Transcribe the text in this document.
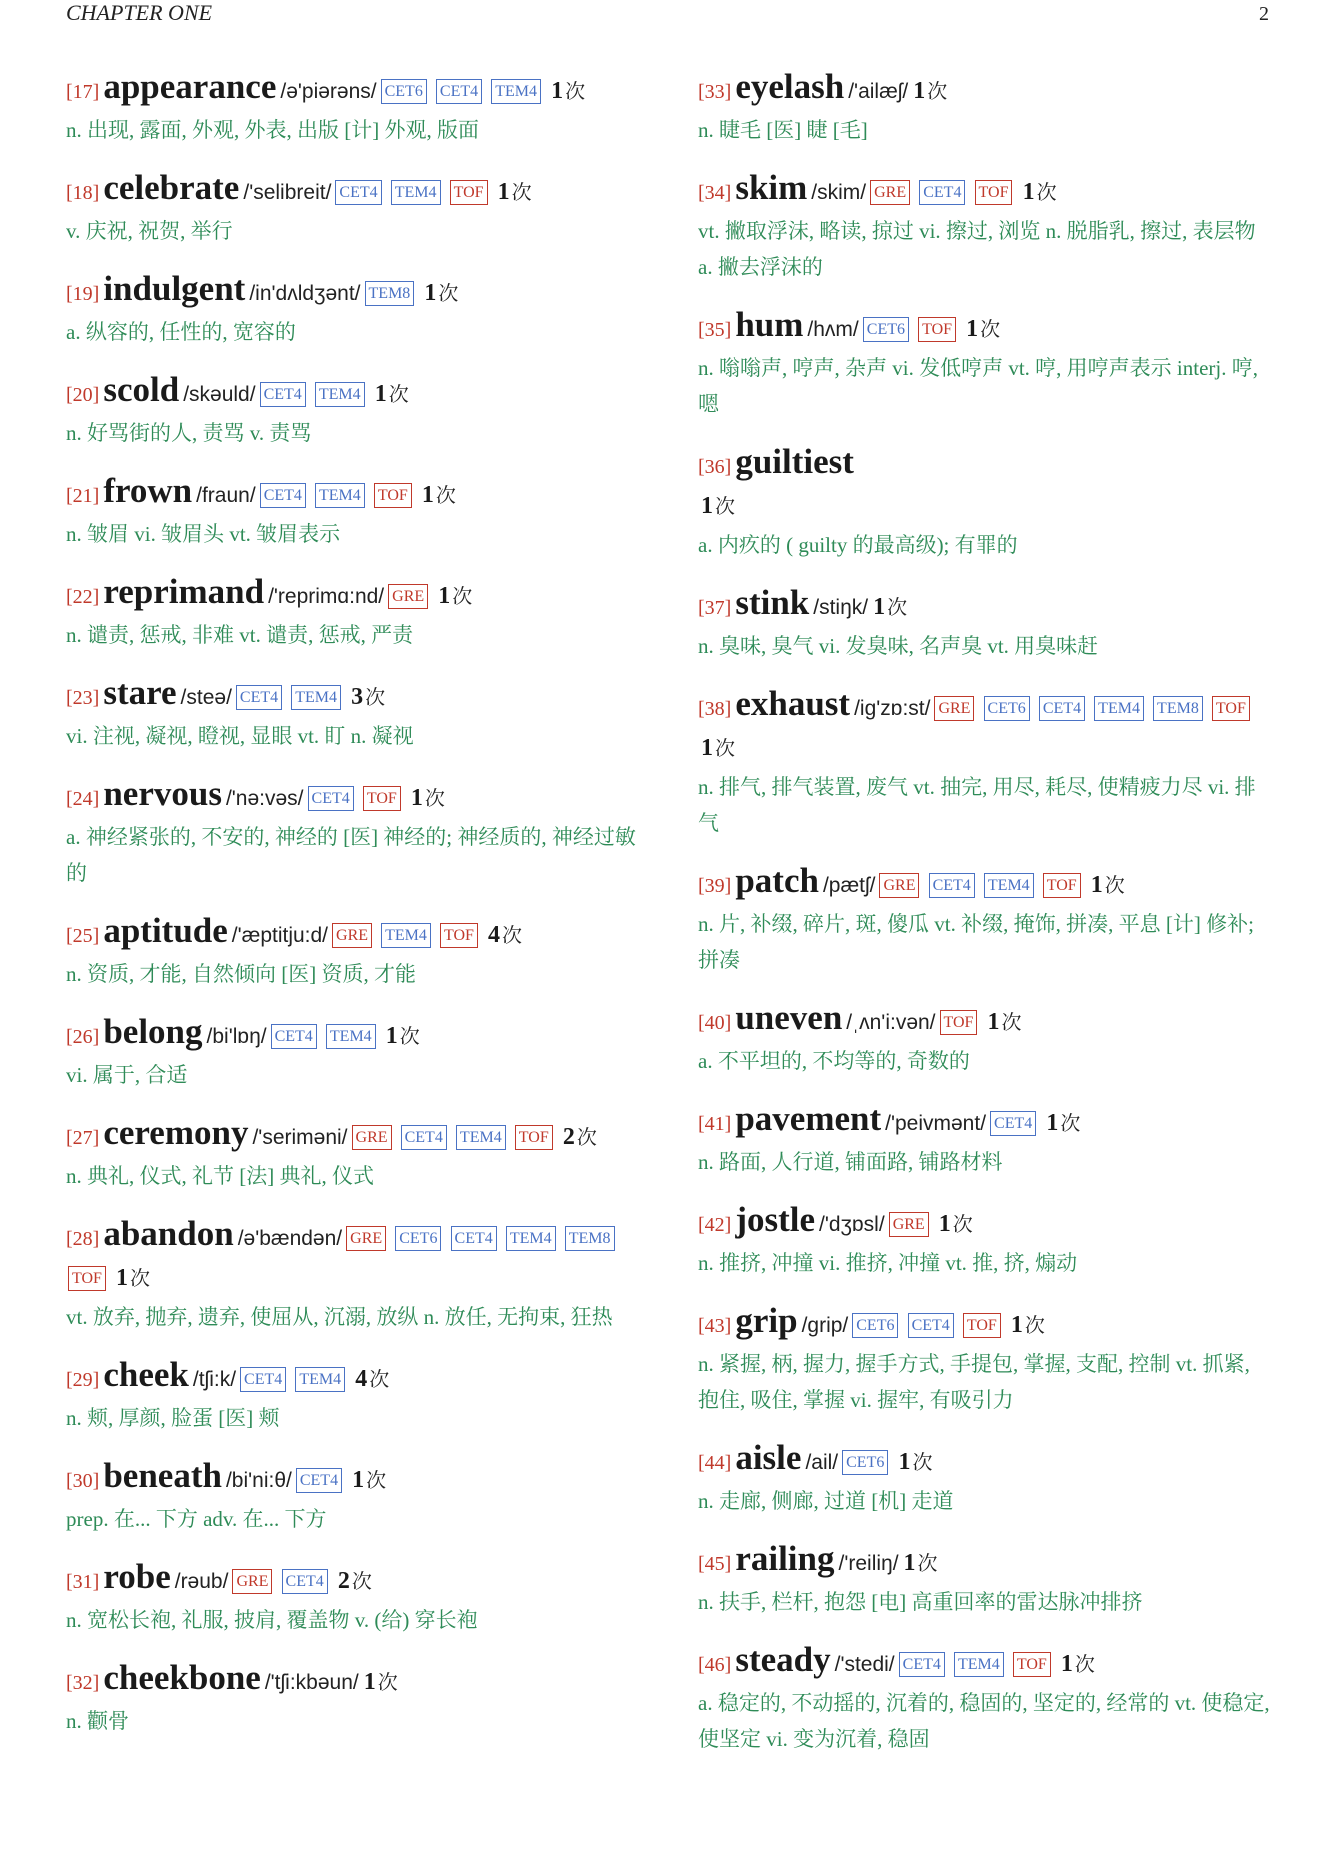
CHAPTER ONE	2
[17] appearance /ə'piərəns/ CET6 CET4 TEM4 1 次
n. 出现, 露面, 外观, 外表, 出版 [计] 外观, 版面
[18] celebrate /'selibreit/ CET4 TEM4 TOF 1 次
v. 庆祝, 祝贺, 举行
[19] indulgent /in'dʌldʒənt/ TEM8 1 次
a. 纵容的, 任性的, 宽容的
[20] scold /skəuld/ CET4 TEM4 1 次
n. 好骂街的人, 责骂 v. 责骂
[21] frown /fraun/ CET4 TEM4 TOF 1 次
n. 皱眉 vi. 皱眉头 vt. 皱眉表示
[22] reprimand /'reprimɑ:nd/ GRE 1 次
n. 谴责, 惩戒, 非难 vt. 谴责, 惩戒, 严责
[23] stare /steə/ CET4 TEM4 3 次
vi. 注视, 凝视, 瞪视, 显眼 vt. 盯 n. 凝视
[24] nervous /'nə:vəs/ CET4 TOF 1 次
a. 神经紧张的, 不安的, 神经的 [医] 神经的; 神经质的, 神经过敏的
[25] aptitude /'æptitju:d/ GRE TEM4 TOF 4 次
n. 资质, 才能, 自然倾向 [医] 资质, 才能
[26] belong /bi'lɒŋ/ CET4 TEM4 1 次
vi. 属于, 合适
[27] ceremony /'seriməni/ GRE CET4 TEM4 TOF 2 次
n. 典礼, 仪式, 礼节 [法] 典礼, 仪式
[28] abandon /ə'bændən/ GRE CET6 CET4 TEM4 TEM8 TOF 1 次
vt. 放弃, 抛弃, 遗弃, 使屈从, 沉溺, 放纵 n. 放任, 无拘束, 狂热
[29] cheek /tʃi:k/ CET4 TEM4 4 次
n. 颊, 厚颜, 脸蛋 [医] 颊
[30] beneath /bi'ni:θ/ CET4 1 次
prep. 在... 下方 adv. 在... 下方
[31] robe /rəub/ GRE CET4 2 次
n. 宽松长袍, 礼服, 披肩, 覆盖物 v. (给) 穿长袍
[32] cheekbone /'tʃi:kbəun/ 1 次
n. 颧骨
[33] eyelash /'ailæʃ/ 1 次
n. 睫毛 [医] 睫 [毛]
[34] skim /skim/ GRE CET4 TOF 1 次
vt. 撇取浮沫, 略读, 掠过 vi. 擦过, 浏览 n. 脱脂乳, 擦过, 表层物 a. 撇去浮沫的
[35] hum /hʌm/ CET6 TOF 1 次
n. 嗡嗡声, 哼声, 杂声 vi. 发低哼声 vt. 哼, 用哼声表示 interj. 哼, 嗯
[36] guiltiest
1 次
a. 内疚的 ( guilty 的最高级); 有罪的
[37] stink /stiŋk/ 1 次
n. 臭味, 臭气 vi. 发臭味, 名声臭 vt. 用臭味赶
[38] exhaust /ig'zɒ:st/ GRE CET6 CET4 TEM4 TEM8 TOF 1 次
n. 排气, 排气装置, 废气 vt. 抽完, 用尽, 耗尽, 使精疲力尽 vi. 排气
[39] patch /pætʃ/ GRE CET4 TEM4 TOF 1 次
n. 片, 补缀, 碎片, 斑, 傻瓜 vt. 补缀, 掩饰, 拼凑, 平息 [计] 修补; 拼凑
[40] uneven /ˌʌn'i:vən/ TOF 1 次
a. 不平坦的, 不均等的, 奇数的
[41] pavement /'peivmənt/ CET4 1 次
n. 路面, 人行道, 铺面路, 铺路材料
[42] jostle /'dʒɒsl/ GRE 1 次
n. 推挤, 冲撞 vi. 推挤, 冲撞 vt. 推, 挤, 煽动
[43] grip /grip/ CET6 CET4 TOF 1 次
n. 紧握, 柄, 握力, 握手方式, 手提包, 掌握, 支配, 控制 vt. 抓紧, 抱住, 吸住, 掌握 vi. 握牢, 有吸引力
[44] aisle /ail/ CET6 1 次
n. 走廊, 侧廊, 过道 [机] 走道
[45] railing /'reiliŋ/ 1 次
n. 扶手, 栏杆, 抱怨 [电] 高重回率的雷达脉冲排挤
[46] steady /'stedi/ CET4 TEM4 TOF 1 次
a. 稳定的, 不动摇的, 沉着的, 稳固的, 坚定的, 经常的 vt. 使稳定, 使坚定 vi. 变为沉着, 稳固
